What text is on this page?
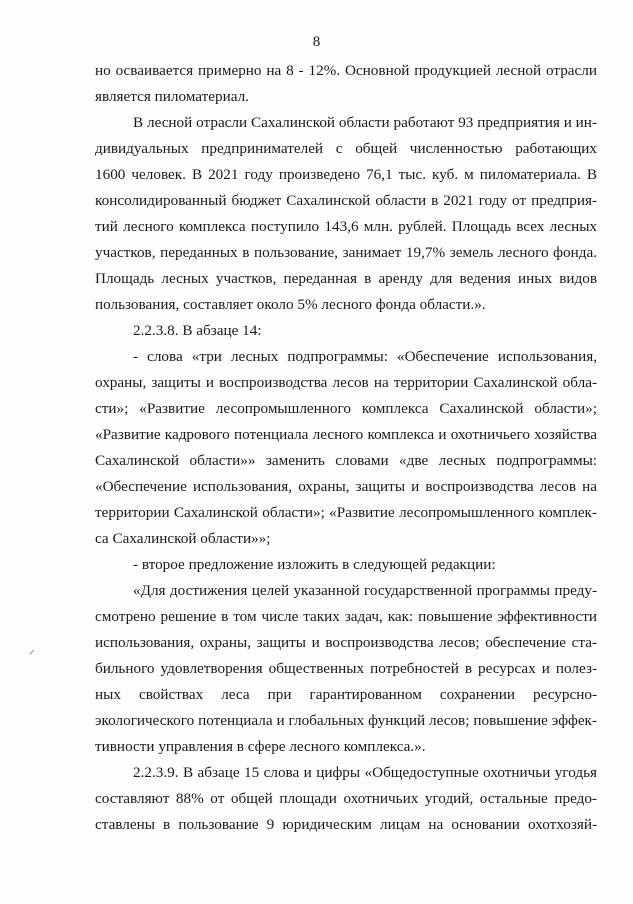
8
но осваивается примерно на 8 - 12%. Основной продукцией лесной отрасли
является пиломатериал.
В лесной отрасли Сахалинской области работают 93 предприятия и ин-
дивидуальных предпринимателей с общей численностью работающих
1600 человек. В 2021 году произведено 76,1 тыс. куб. м пиломатериала. В
консолидированный бюджет Сахалинской области в 2021 году от предприя-
тий лесного комплекса поступило 143,6 млн. рублей. Площадь всех лесных
участков, переданных в пользование, занимает 19,7% земель лесного фонда.
Площадь лесных участков, переданная в аренду для ведения иных видов
пользования, составляет около 5% лесного фонда области.».
2.2.3.8. В абзаце 14:
- слова «три лесных подпрограммы: «Обеспечение использования,
охраны, защиты и воспроизводства лесов на территории Сахалинской обла-
сти»; «Развитие лесопромышленного комплекса Сахалинской области»;
«Развитие кадрового потенциала лесного комплекса и охотничьего хозяйства
Сахалинской области»» заменить словами «две лесных подпрограммы:
«Обеспечение использования, охраны, защиты и воспроизводства лесов на
территории Сахалинской области»; «Развитие лесопромышленного комплек-
са Сахалинской области»»;
- второе предложение изложить в следующей редакции:
«Для достижения целей указанной государственной программы преду-
смотрено решение в том числе таких задач, как: повышение эффективности
использования, охраны, защиты и воспроизводства лесов; обеспечение ста-
бильного удовлетворения общественных потребностей в ресурсах и полез-
ных свойствах леса при гарантированном сохранении ресурсно-
экологического потенциала и глобальных функций лесов; повышение эффек-
тивности управления в сфере лесного комплекса.».
2.2.3.9. В абзаце 15 слова и цифры «Общедоступные охотничьи угодья
составляют 88% от общей площади охотничьих угодий, остальные предо-
ставлены в пользование 9 юридическим лицам на основании охотхозяй-
